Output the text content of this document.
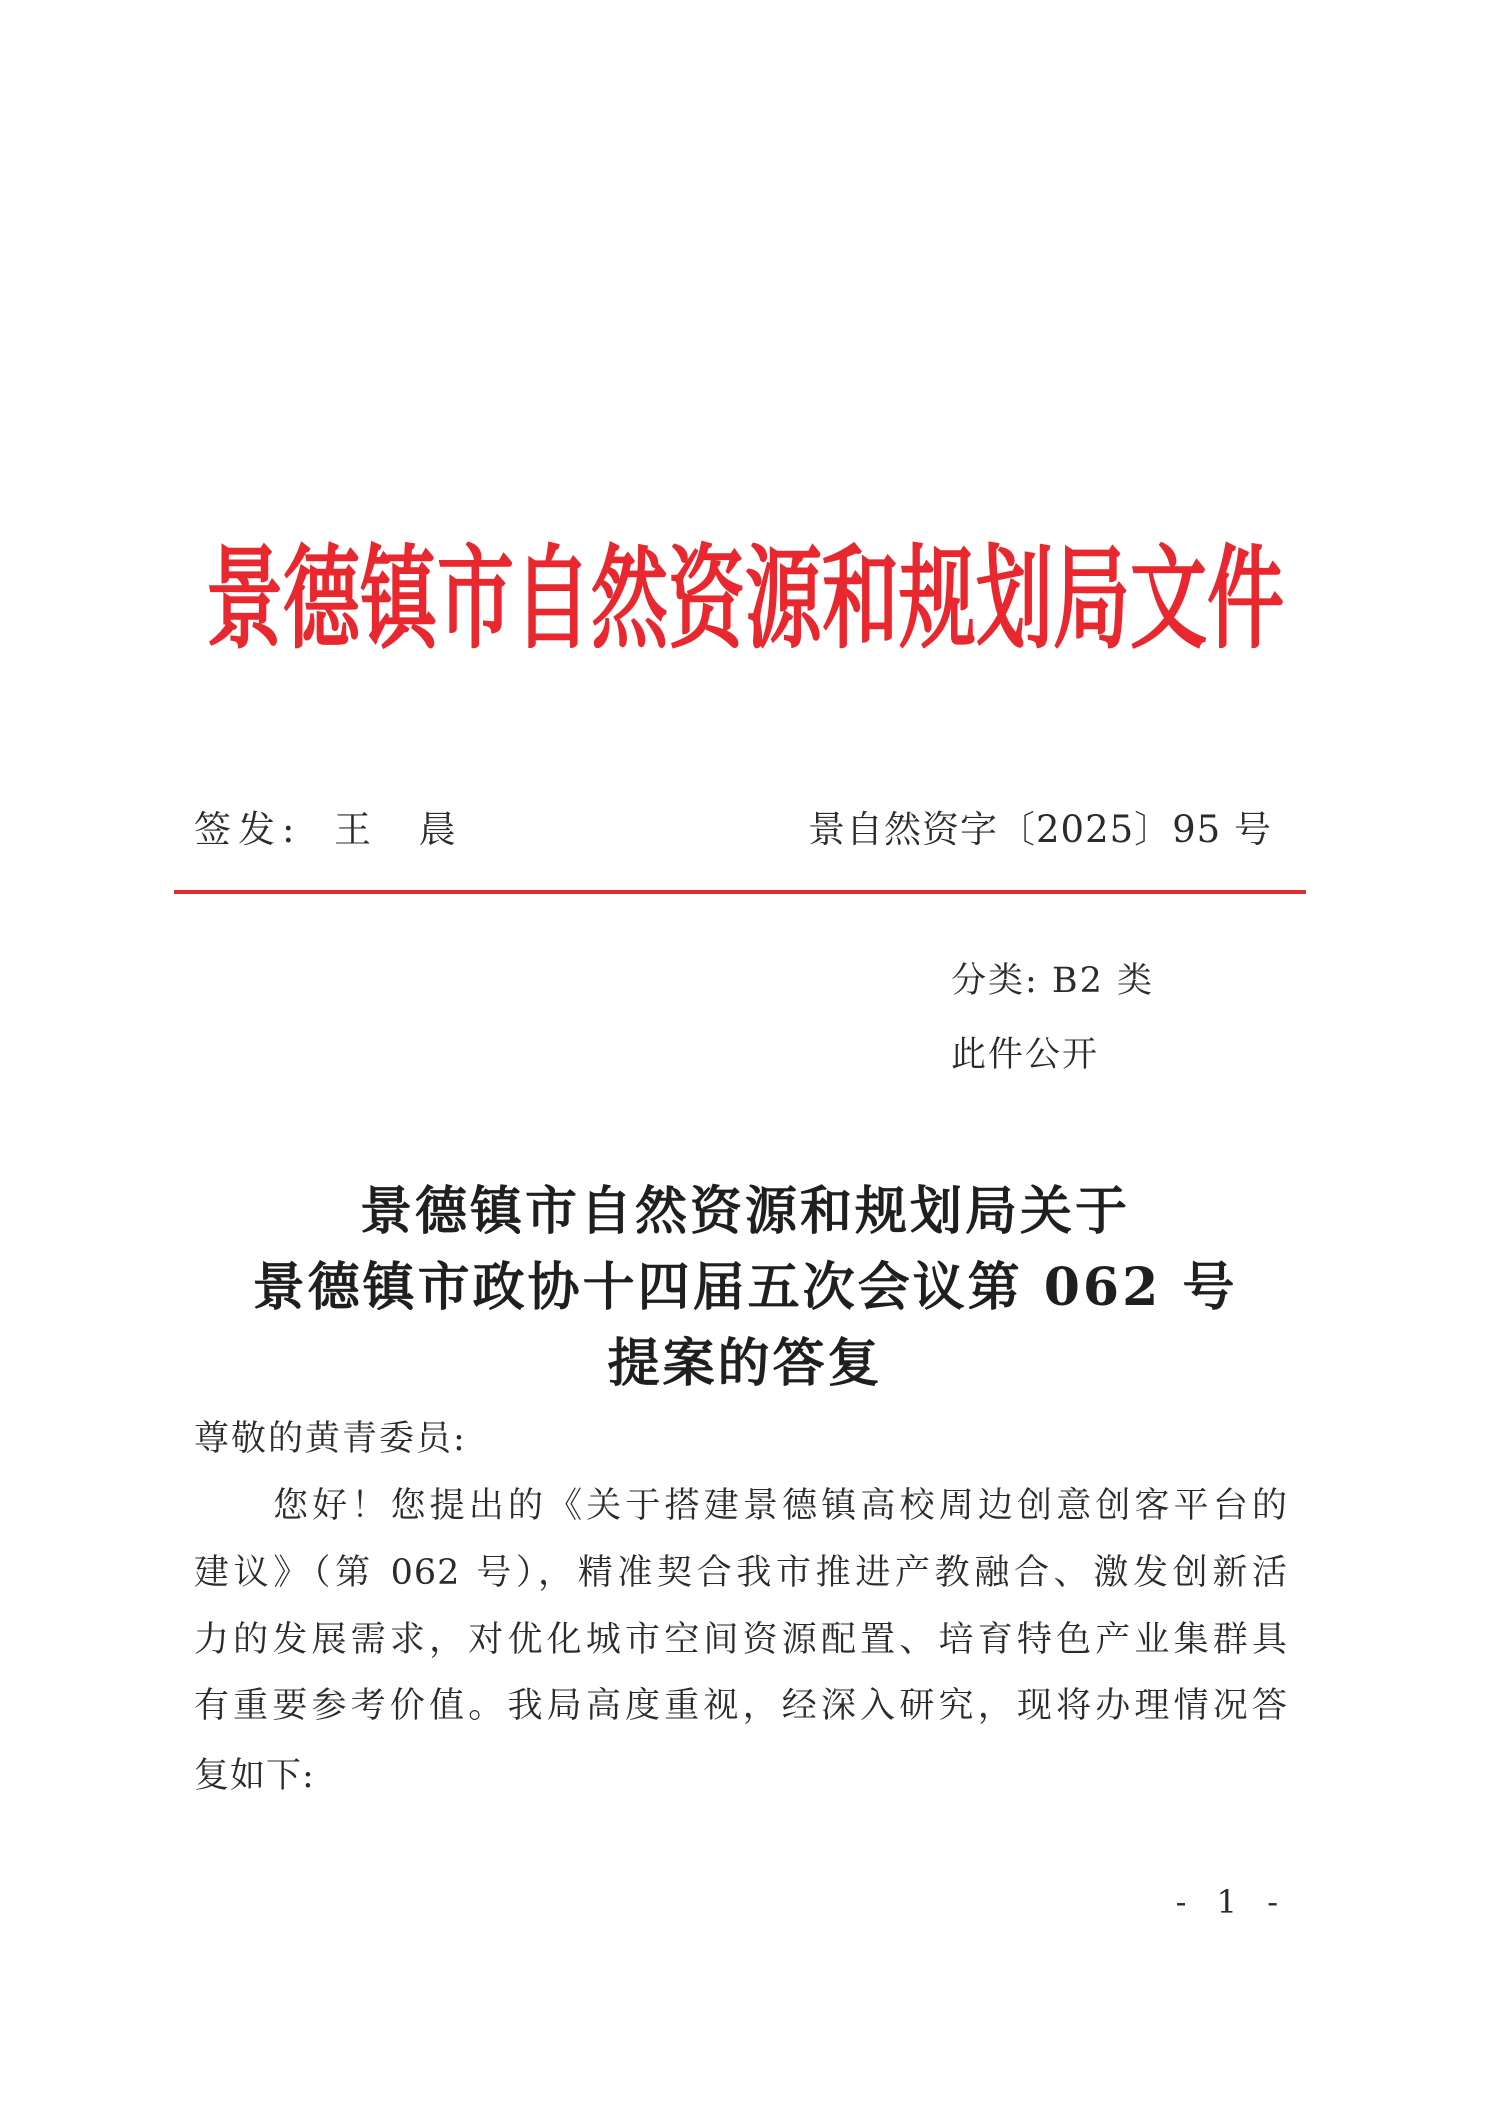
景德镇市自然资源和规划局文件
签发: 王 晨	景自然资字〔2025〕95 号
分类: B2 类
此件公开
景德镇市自然资源和规划局关于
景德镇市政协十四届五次会议第 062 号
提案的答复
尊敬的黄青委员:
您好！您提出的《关于搭建景德镇高校周边创意创客平台的
建议》（第 062 号），精准契合我市推进产教融合、激发创新活
力的发展需求，对优化城市空间资源配置、培育特色产业集群具
有重要参考价值。我局高度重视，经深入研究，现将办理情况答
复如下:
- 1 -
